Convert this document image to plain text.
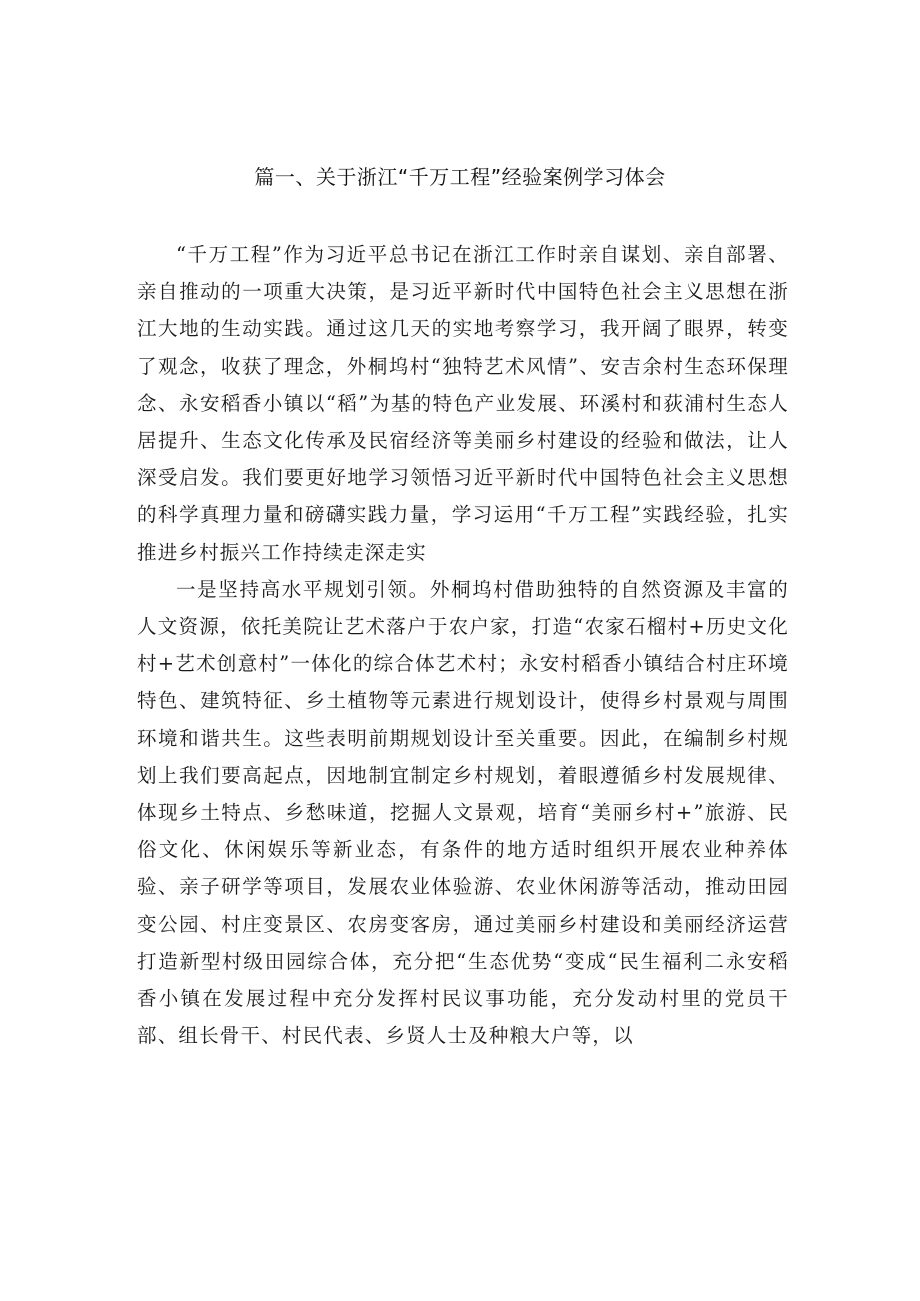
篇一、关于浙江“千万工程”经验案例学习体会

“千万工程”作为习近平总书记在浙江工作时亲自谋划、亲自部署、亲自推动的一项重大决策，是习近平新时代中国特色社会主义思想在浙江大地的生动实践。通过这几天的实地考察学习，我开阔了眼界，转变了观念，收获了理念，外桐坞村“独特艺术风情”、安吉余村生态环保理念、永安稻香小镇以“稻”为基的特色产业发展、环溪村和荻浦村生态人居提升、生态文化传承及民宿经济等美丽乡村建设的经验和做法，让人深受启发。我们要更好地学习领悟习近平新时代中国特色社会主义思想的科学真理力量和磅礴实践力量，学习运用“千万工程”实践经验，扎实推进乡村振兴工作持续走深走实

一是坚持高水平规划引领。外桐坞村借助独特的自然资源及丰富的人文资源，依托美院让艺术落户于农户家，打造“农家石榴村+历史文化村+艺术创意村”一体化的综合体艺术村；永安村稻香小镇结合村庄环境特色、建筑特征、乡土植物等元素进行规划设计，使得乡村景观与周围环境和谐共生。这些表明前期规划设计至关重要。因此，在编制乡村规划上我们要高起点，因地制宜制定乡村规划，着眼遵循乡村发展规律、体现乡土特点、乡愁味道，挖掘人文景观，培育“美丽乡村+”旅游、民俗文化、休闲娱乐等新业态，有条件的地方适时组织开展农业种养体验、亲子研学等项目，发展农业体验游、农业休闲游等活动，推动田园变公园、村庄变景区、农房变客房，通过美丽乡村建设和美丽经济运营打造新型村级田园综合体，充分把“生态优势“变成“民生福利二永安稻香小镇在发展过程中充分发挥村民议事功能，充分发动村里的党员干部、组长骨干、村民代表、乡贤人士及种粮大户等，以
